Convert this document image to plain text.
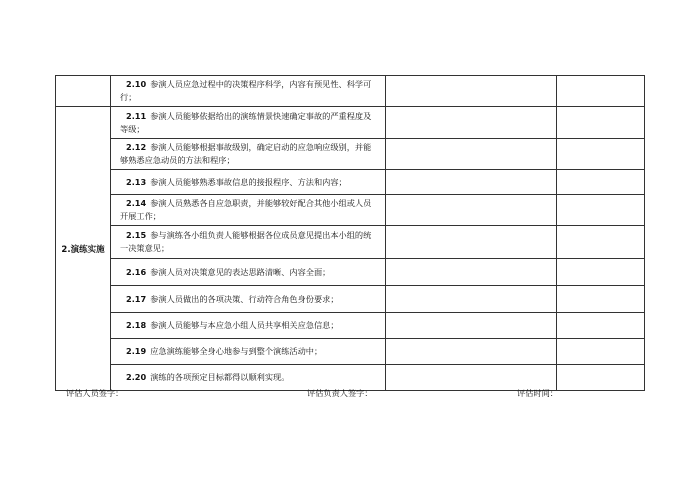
	2.10 参演人员应急过程中的决策程序科学，内容有预见性、科学可行；		
2.演练实施	2.11 参演人员能够依据给出的演练情景快速确定事故的严重程度及等级；		
	2.12 参演人员能够根据事故级别，确定启动的应急响应级别，并能够熟悉应急动员的方法和程序；		
	2.13 参演人员能够熟悉事故信息的接报程序、方法和内容；		
	2.14 参演人员熟悉各自应急职责，并能够较好配合其他小组或人员开展工作；		
	2.15 参与演练各小组负责人能够根据各位成员意见提出本小组的统一决策意见；		
	2.16 参演人员对决策意见的表达思路清晰、内容全面；		
	2.17 参演人员做出的各项决策、行动符合角色身份要求；		
	2.18 参演人员能够与本应急小组人员共享相关应急信息；		
	2.19 应急演练能够全身心地参与到整个演练活动中；		
	2.20 演练的各项预定目标都得以顺利实现。		
评估人员签字：	评估负责人签字：	评估时间：
